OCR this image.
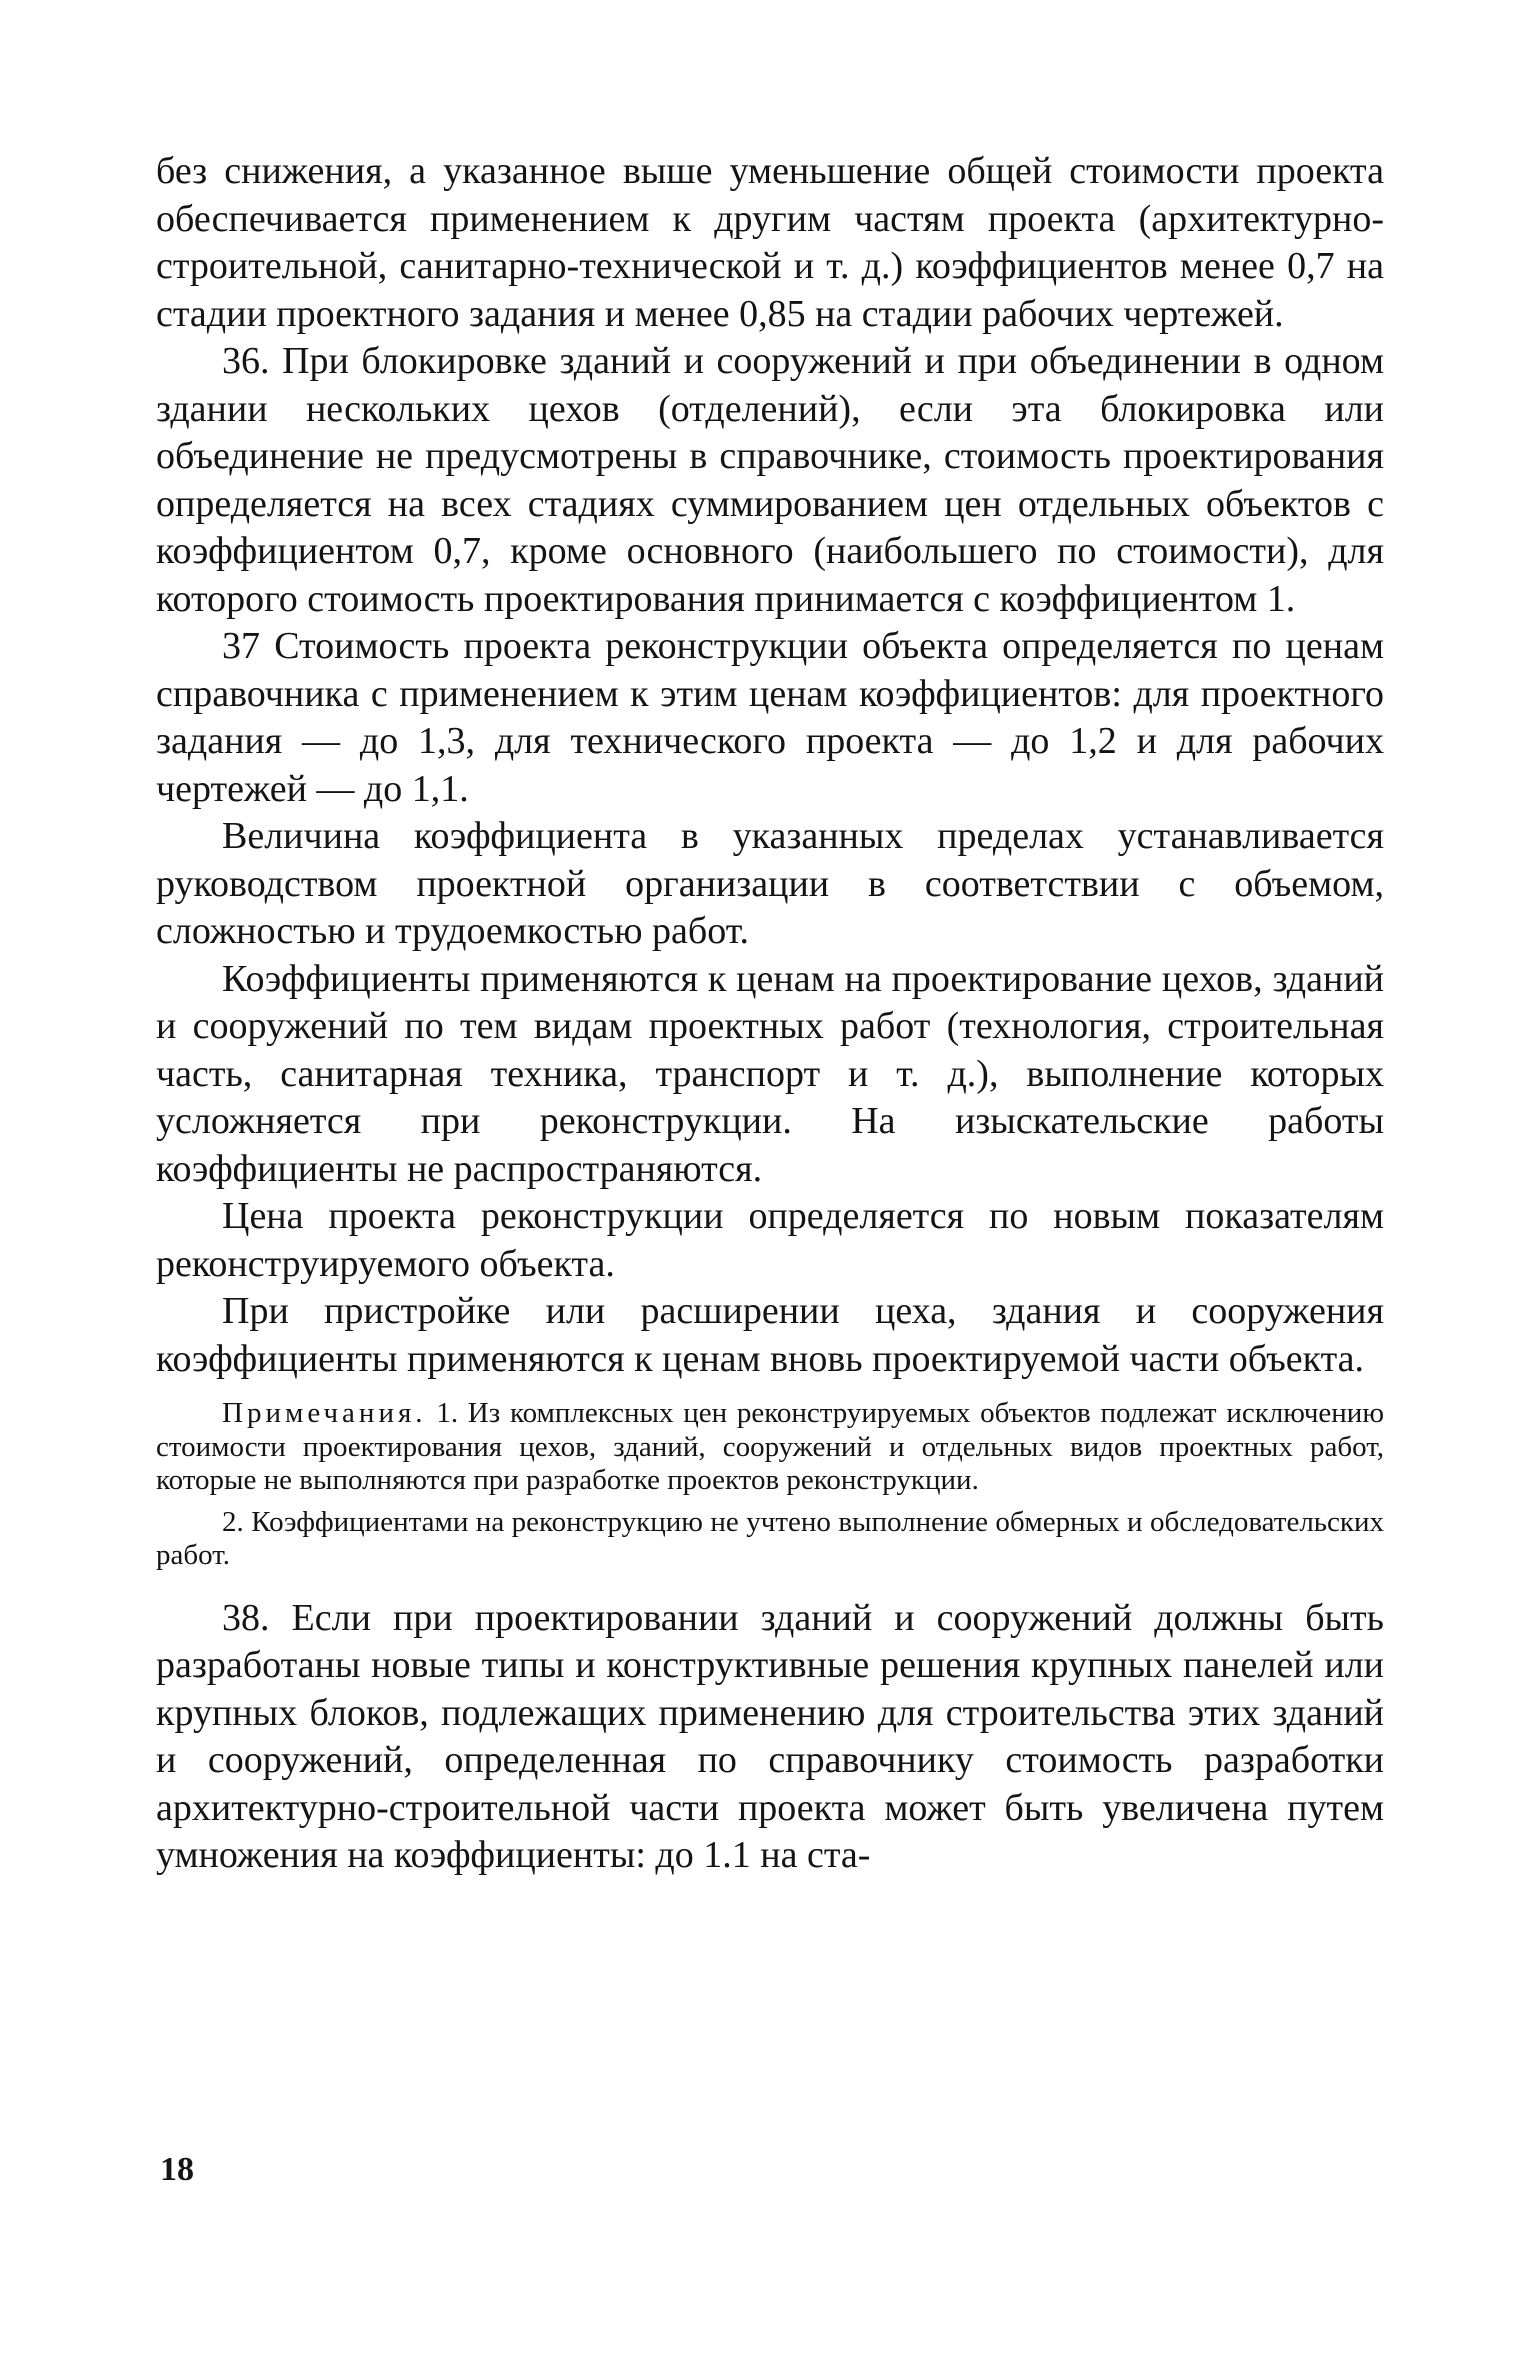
без снижения, а указанное выше уменьшение общей стоимости проекта обеспечивается применением к другим частям проекта (архитектурно-строительной, санитарно-технической и т. д.) коэффициентов менее 0,7 на стадии проектного задания и менее 0,85 на стадии рабочих чертежей.

36. При блокировке зданий и сооружений и при объединении в одном здании нескольких цехов (отделений), если эта блокировка или объединение не предусмотрены в справочнике, стоимость проектирования определяется на всех стадиях суммированием цен отдельных объектов с коэффициентом 0,7, кроме основного (наибольшего по стоимости), для которого стоимость проектирования принимается с коэффициентом 1.

37 Стоимость проекта реконструкции объекта определяется по ценам справочника с применением к этим ценам коэффициентов: для проектного задания — до 1,3, для технического проекта — до 1,2 и для рабочих чертежей — до 1,1.

Величина коэффициента в указанных пределах устанавливается руководством проектной организации в соответствии с объемом, сложностью и трудоемкостью работ.

Коэффициенты применяются к ценам на проектирование цехов, зданий и сооружений по тем видам проектных работ (технология, строительная часть, санитарная техника, транспорт и т. д.), выполнение которых усложняется при реконструкции. На изыскательские работы коэффициенты не распространяются.

Цена проекта реконструкции определяется по новым показателям реконструируемого объекта.

При пристройке или расширении цеха, здания и сооружения коэффициенты применяются к ценам вновь проектируемой части объекта.

Примечания. 1. Из комплексных цен реконструируемых объектов подлежат исключению стоимости проектирования цехов, зданий, сооружений и отдельных видов проектных работ, которые не выполняются при разработке проектов реконструкции.

2. Коэффициентами на реконструкцию не учтено выполнение обмерных и обследовательских работ.

38. Если при проектировании зданий и сооружений должны быть разработаны новые типы и конструктивные решения крупных панелей или крупных блоков, подлежащих применению для строительства этих зданий и сооружений, определенная по справочнику стоимость разработки архитектурно-строительной части проекта может быть увеличена путем умножения на коэффициенты: до 1.1 на ста-

18
